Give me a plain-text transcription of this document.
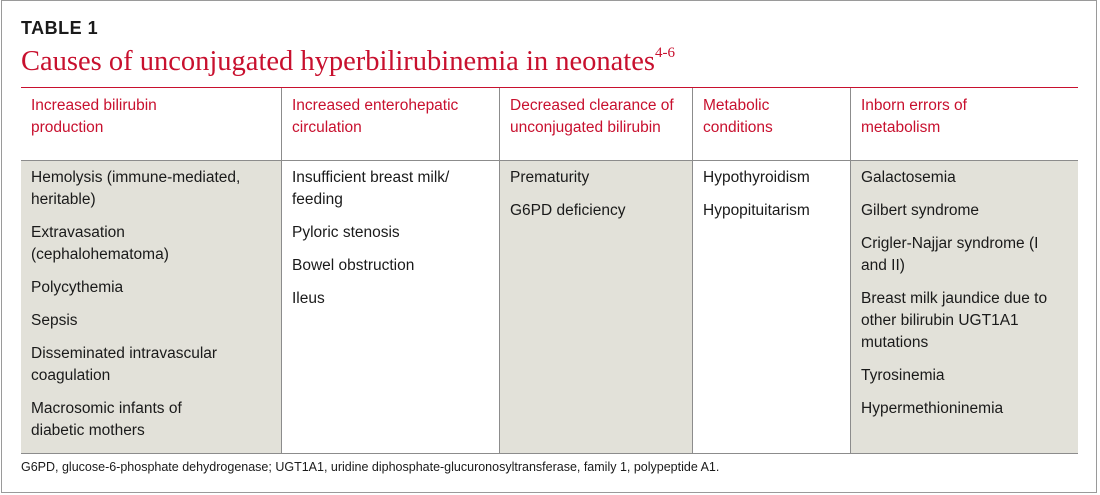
TABLE 1
Causes of unconjugated hyperbilirubinemia in neonates$^{4-6}$
Increased bilirubin production
Increased enterohepatic circulation
Decreased clearance of unconjugated bilirubin
Metabolic conditions
Inborn errors of metabolism
Hemolysis (immune-mediated, heritable)
Extravasation (cephalohematoma)
Polycythemia
Sepsis
Disseminated intravascular coagulation
Macrosomic infants of diabetic mothers
Insufficient breast milk/ feeding
Pyloric stenosis
Bowel obstruction
Ileus
Prematurity
G6PD deficiency
Hypothyroidism
Hypopituitarism
Galactosemia
Gilbert syndrome
Crigler-Najjar syndrome (I and II)
Breast milk jaundice due to other bilirubin UGT1A1 mutations
Tyrosinemia
Hypermethioninemia
G6PD, glucose-6-phosphate dehydrogenase; UGT1A1, uridine diphosphate-glucuronosyltransferase, family 1, polypeptide A1.
